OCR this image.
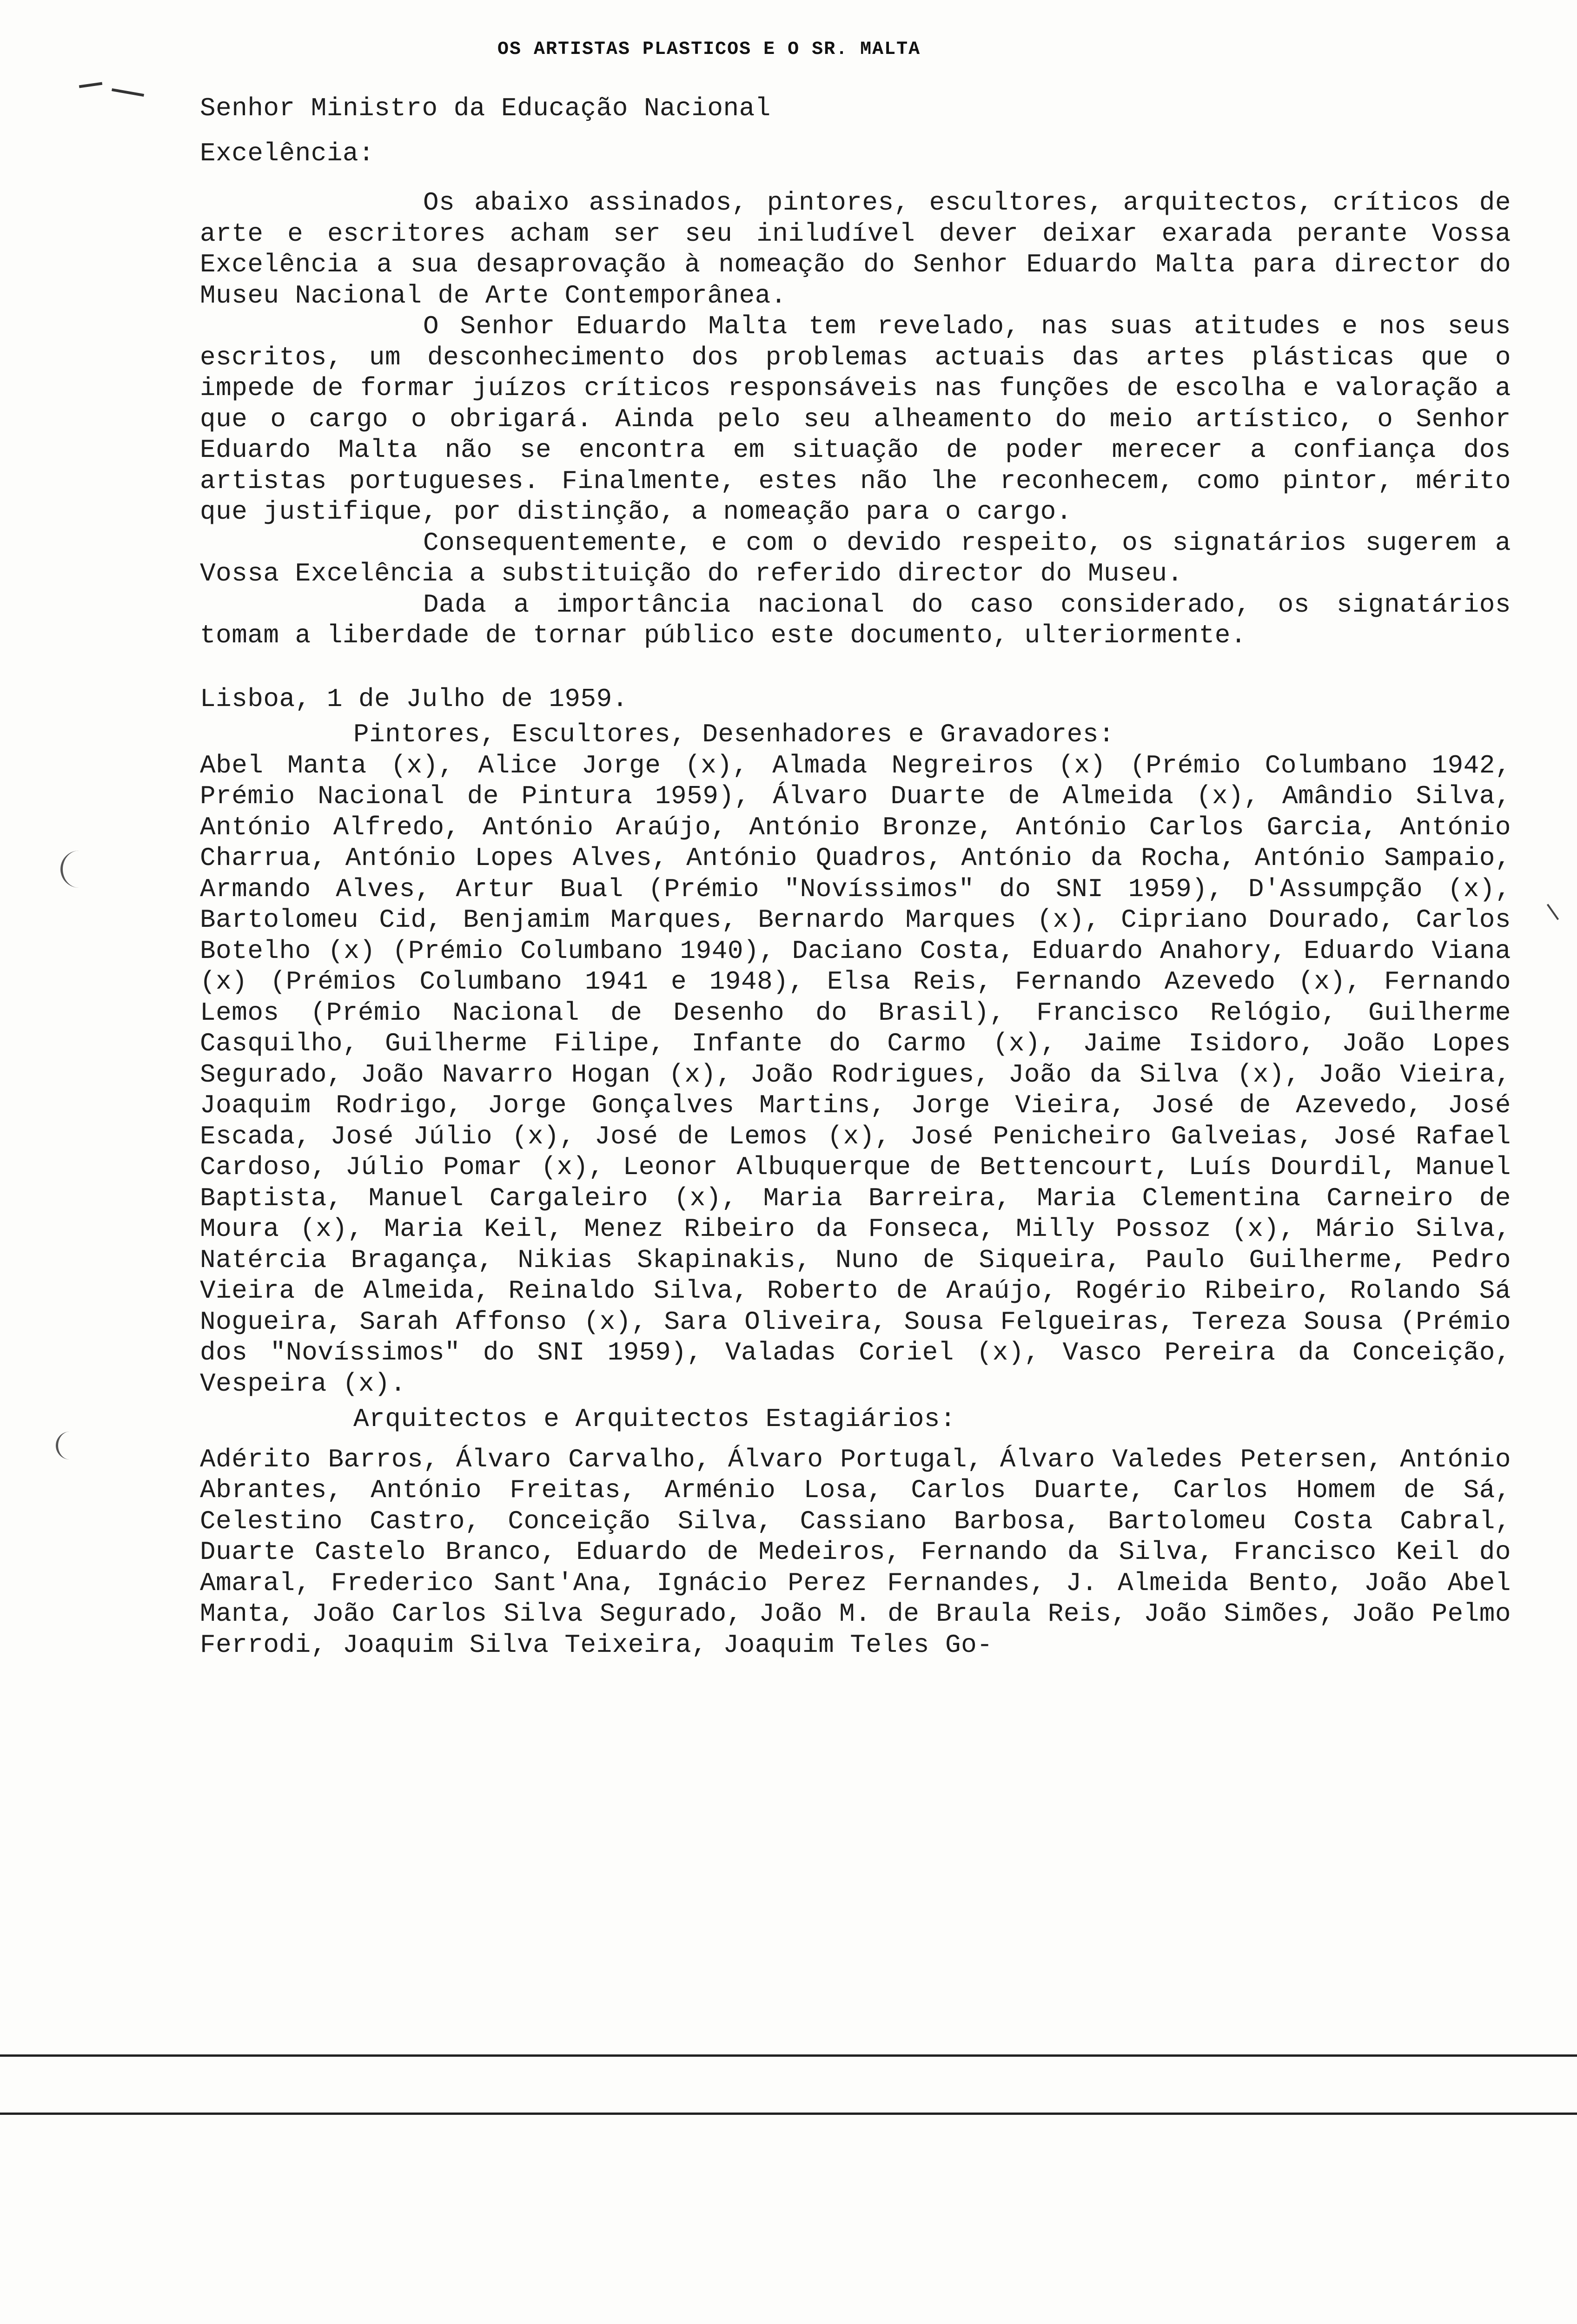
OS ARTISTAS PLASTICOS E O SR. MALTA

Senhor Ministro da Educação Nacional

Excelência:

Os abaixo assinados, pintores, escultores, arquitectos, críticos de arte e escritores acham ser seu iniludível dever deixar exarada perante Vossa Excelência a sua desaprovação à nomeação do Senhor Eduardo Malta para director do Museu Nacional de Arte Contemporânea.

O Senhor Eduardo Malta tem revelado, nas suas atitudes e nos seus escritos, um desconhecimento dos problemas actuais das artes plásticas que o impede de formar juízos críticos responsáveis nas funções de escolha e valoração a que o cargo o obrigará. Ainda pelo seu alheamento do meio artístico, o Senhor Eduardo Malta não se encontra em situação de poder merecer a confiança dos artistas portugueses. Finalmente, estes não lhe reconhecem, como pintor, mérito que justifique, por distinção, a nomeação para o cargo.

Consequentemente, e com o devido respeito, os signatários sugerem a Vossa Excelência a substituição do referido director do Museu.

Dada a importância nacional do caso considerado, os signatários tomam a liberdade de tornar público este documento, ulteriormente.

Lisboa, 1 de Julho de 1959.

Pintores, Escultores, Desenhadores e Gravadores:

Abel Manta (x), Alice Jorge (x), Almada Negreiros (x) (Prémio Columbano 1942, Prémio Nacional de Pintura 1959), Álvaro Duarte de Almeida (x), Amândio Silva, António Alfredo, António Araújo, António Bronze, António Carlos Garcia, António Charrua, António Lopes Alves, António Quadros, António da Rocha, António Sampaio, Armando Alves, Artur Bual (Prémio "Novíssimos" do SNI 1959), D'Assumpção (x), Bartolomeu Cid, Benjamim Marques, Bernardo Marques (x), Cipriano Dourado, Carlos Botelho (x) (Prémio Columbano 1940), Daciano Costa, Eduardo Anahory, Eduardo Viana (x) (Prémios Columbano 1941 e 1948), Elsa Reis, Fernando Azevedo (x), Fernando Lemos (Prémio Nacional de Desenho do Brasil), Francisco Relógio, Guilherme Casquilho, Guilherme Filipe, Infante do Carmo (x), Jaime Isidoro, João Lopes Segurado, João Navarro Hogan (x), João Rodrigues, João da Silva (x), João Vieira, Joaquim Rodrigo, Jorge Gonçalves Martins, Jorge Vieira, José de Azevedo, José Escada, José Júlio (x), José de Lemos (x), José Penicheiro Galveias, José Rafael Cardoso, Júlio Pomar (x), Leonor Albuquerque de Bettencourt, Luís Dourdil, Manuel Baptista, Manuel Cargaleiro (x), Maria Barreira, Maria Clementina Carneiro de Moura (x), Maria Keil, Menez Ribeiro da Fonseca, Milly Possoz (x), Mário Silva, Natércia Bragança, Nikias Skapinakis, Nuno de Siqueira, Paulo Guilherme, Pedro Vieira de Almeida, Reinaldo Silva, Roberto de Araújo, Rogério Ribeiro, Rolando Sá Nogueira, Sarah Affonso (x), Sara Oliveira, Sousa Felgueiras, Tereza Sousa (Prémio dos "Novíssimos" do SNI 1959), Valadas Coriel (x), Vasco Pereira da Conceição, Vespeira (x).

Arquitectos e Arquitectos Estagiários:

Adérito Barros, Álvaro Carvalho, Álvaro Portugal, Álvaro Valedes Petersen, António Abrantes, António Freitas, Arménio Losa, Carlos Duarte, Carlos Homem de Sá, Celestino Castro, Conceição Silva, Cassiano Barbosa, Bartolomeu Costa Cabral, Duarte Castelo Branco, Eduardo de Medeiros, Fernando da Silva, Francisco Keil do Amaral, Frederico Sant'Ana, Ignácio Perez Fernandes, J. Almeida Bento, João Abel Manta, João Carlos Silva Segurado, João M. de Braula Reis, João Simões, João Pelmo Ferrodi, Joaquim Silva Teixeira, Joaquim Teles Go-
